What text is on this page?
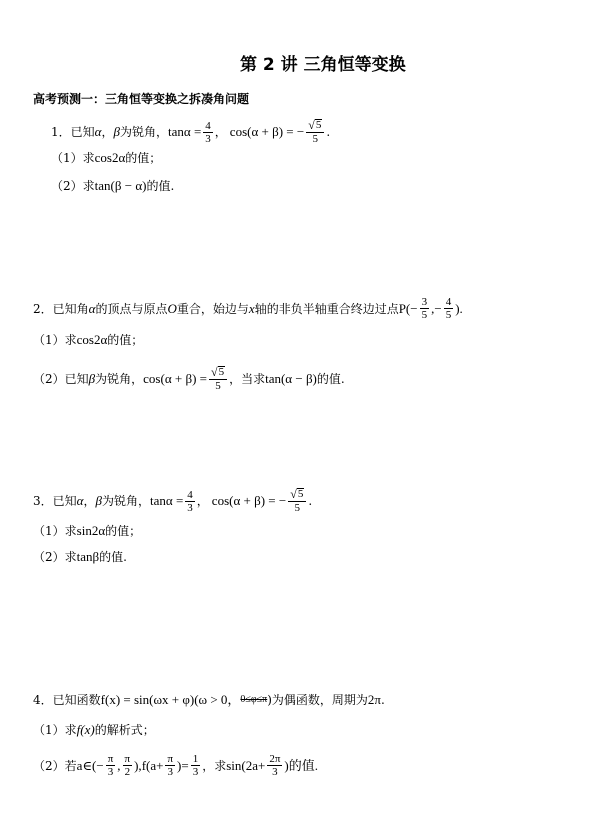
第 2 讲 三角恒等变换
高考预测一：三角恒等变换之拆凑角问题
1． 已知 α ， β 为锐角， $\tan\alpha = \frac{4}{3}$ ， cos(α + β) = − $\frac{√ 5}{5}$ .
（1） 求 cos2α 的值；
（2） 求 tan(β − α) 的值.
2． 已知角 α 的顶点与原点 O 重合，始边与 x 轴的非负半轴重合终边过点 $P(- \frac{3}{5}$ ,− $\frac{4}{5}$ ).
（1） 求 cos2α 的值；
（2） 已知 β 为锐角， $\cos(\alpha + \beta) = \frac{√ 5}{5}$ ，当求 tan(α − β) 的值.
3． 已知 α ， β 为锐角， $\tan\alpha = \frac{4}{3}$ ， cos(α + β) = − $\frac{√ 5}{5}$ .
（1） 求 sin2α 的值；
（2） 求 tanβ 的值.
4． 已知函数 f(x) = sin(ωx + φ)(ω > 0， 0≤φ≤π )为偶函数，周期为 2π .
（1） 求 f(x) 的解析式；
（2） 若 a∈(− $\frac{\pi}{3}$ , $\frac{\pi}{2}$ ), $f(a+ \frac{\pi}{3}$ )= $\frac{1}{3}$ ，求 $\sin(2a+ \frac{2\pi}{3}$ )的值.
